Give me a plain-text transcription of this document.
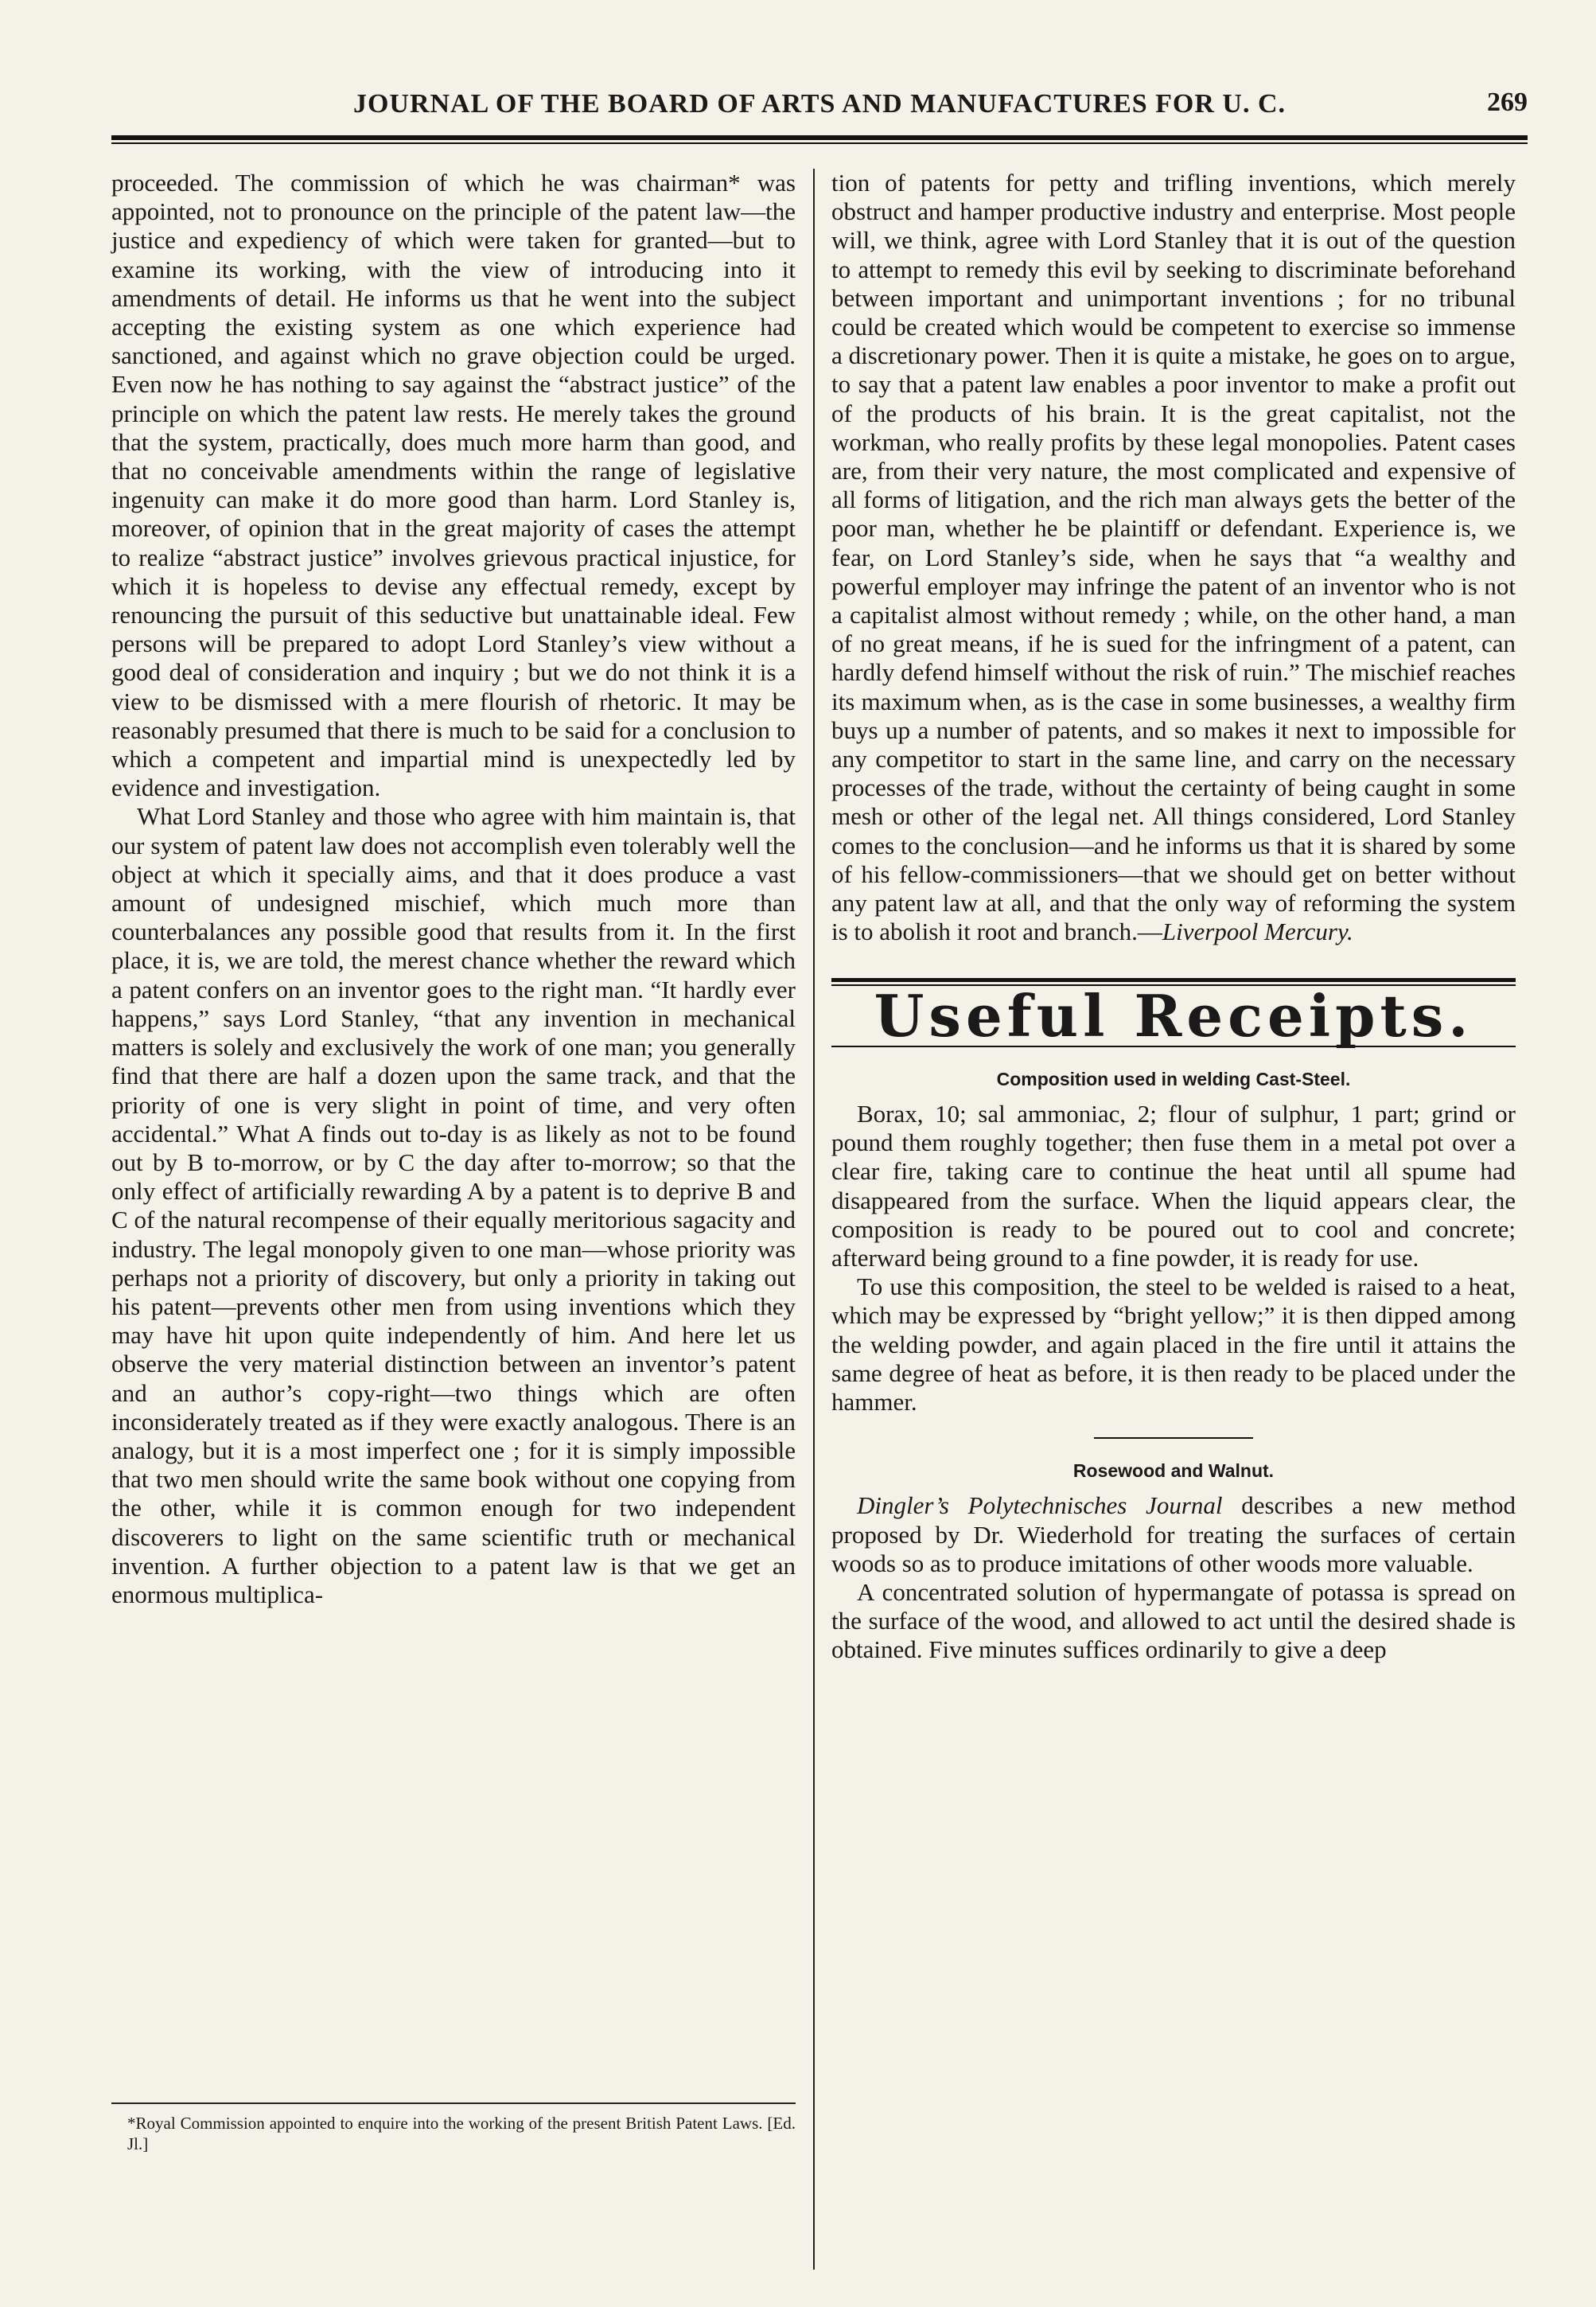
JOURNAL OF THE BOARD OF ARTS AND MANUFACTURES FOR U. C.	269

proceeded. The commission of which he was chairman* was appointed, not to pronounce on the principle of the patent law—the justice and expediency of which were taken for granted—but to examine its working, with the view of introducing into it amendments of detail. He informs us that he went into the subject accepting the existing system as one which experience had sanctioned, and against which no grave objection could be urged. Even now he has nothing to say against the “abstract justice” of the principle on which the patent law rests. He merely takes the ground that the system, practically, does much more harm than good, and that no conceivable amendments within the range of legislative ingenuity can make it do more good than harm. Lord Stanley is, moreover, of opinion that in the great majority of cases the attempt to realize “abstract justice” involves grievous practical injustice, for which it is hopeless to devise any effectual remedy, except by renouncing the pursuit of this seductive but unattainable ideal. Few persons will be prepared to adopt Lord Stanley’s view without a good deal of consideration and inquiry ; but we do not think it is a view to be dismissed with a mere flourish of rhetoric. It may be reasonably presumed that there is much to be said for a conclusion to which a competent and impartial mind is unexpectedly led by evidence and investigation.

What Lord Stanley and those who agree with him maintain is, that our system of patent law does not accomplish even tolerably well the object at which it specially aims, and that it does produce a vast amount of undesigned mischief, which much more than counterbalances any possible good that results from it. In the first place, it is, we are told, the merest chance whether the reward which a patent confers on an inventor goes to the right man. “It hardly ever happens,” says Lord Stanley, “that any invention in mechanical matters is solely and exclusively the work of one man; you generally find that there are half a dozen upon the same track, and that the priority of one is very slight in point of time, and very often accidental.” What A finds out to-day is as likely as not to be found out by B to-morrow, or by C the day after to-morrow; so that the only effect of artificially rewarding A by a patent is to deprive B and C of the natural recompense of their equally meritorious sagacity and industry. The legal monopoly given to one man—whose priority was perhaps not a priority of discovery, but only a priority in taking out his patent—prevents other men from using inventions which they may have hit upon quite independently of him. And here let us observe the very material distinction between an inventor’s patent and an author’s copy-right—two things which are often inconsiderately treated as if they were exactly analogous. There is an analogy, but it is a most imperfect one ; for it is simply impossible that two men should write the same book without one copying from the other, while it is common enough for two independent discoverers to light on the same scientific truth or mechanical invention. A further objection to a patent law is that we get an enormous multiplica-

*Royal Commission appointed to enquire into the working of the present British Patent Laws. [Ed. Jl.]

tion of patents for petty and trifling inventions, which merely obstruct and hamper productive industry and enterprise. Most people will, we think, agree with Lord Stanley that it is out of the question to attempt to remedy this evil by seeking to discriminate beforehand between important and unimportant inventions ; for no tribunal could be created which would be competent to exercise so immense a discretionary power. Then it is quite a mistake, he goes on to argue, to say that a patent law enables a poor inventor to make a profit out of the products of his brain. It is the great capitalist, not the workman, who really profits by these legal monopolies. Patent cases are, from their very nature, the most complicated and expensive of all forms of litigation, and the rich man always gets the better of the poor man, whether he be plaintiff or defendant. Experience is, we fear, on Lord Stanley’s side, when he says that “a wealthy and powerful employer may infringe the patent of an inventor who is not a capitalist almost without remedy ; while, on the other hand, a man of no great means, if he is sued for the infringment of a patent, can hardly defend himself without the risk of ruin.” The mischief reaches its maximum when, as is the case in some businesses, a wealthy firm buys up a number of patents, and so makes it next to impossible for any competitor to start in the same line, and carry on the necessary processes of the trade, without the certainty of being caught in some mesh or other of the legal net. All things considered, Lord Stanley comes to the conclusion—and he informs us that it is shared by some of his fellow-commissioners—that we should get on better without any patent law at all, and that the only way of reforming the system is to abolish it root and branch.—Liverpool Mercury.

Useful Receipts.
Composition used in welding Cast-Steel.

Borax, 10; sal ammoniac, 2; flour of sulphur, 1 part; grind or pound them roughly together; then fuse them in a metal pot over a clear fire, taking care to continue the heat until all spume had disappeared from the surface. When the liquid appears clear, the composition is ready to be poured out to cool and concrete; afterward being ground to a fine powder, it is ready for use.

To use this composition, the steel to be welded is raised to a heat, which may be expressed by “bright yellow;” it is then dipped among the welding powder, and again placed in the fire until it attains the same degree of heat as before, it is then ready to be placed under the hammer.

Rosewood and Walnut.

Dingler’s Polytechnisches Journal describes a new method proposed by Dr. Wiederhold for treating the surfaces of certain woods so as to produce imitations of other woods more valuable.

A concentrated solution of hypermangate of potassa is spread on the surface of the wood, and allowed to act until the desired shade is obtained. Five minutes suffices ordinarily to give a deep
